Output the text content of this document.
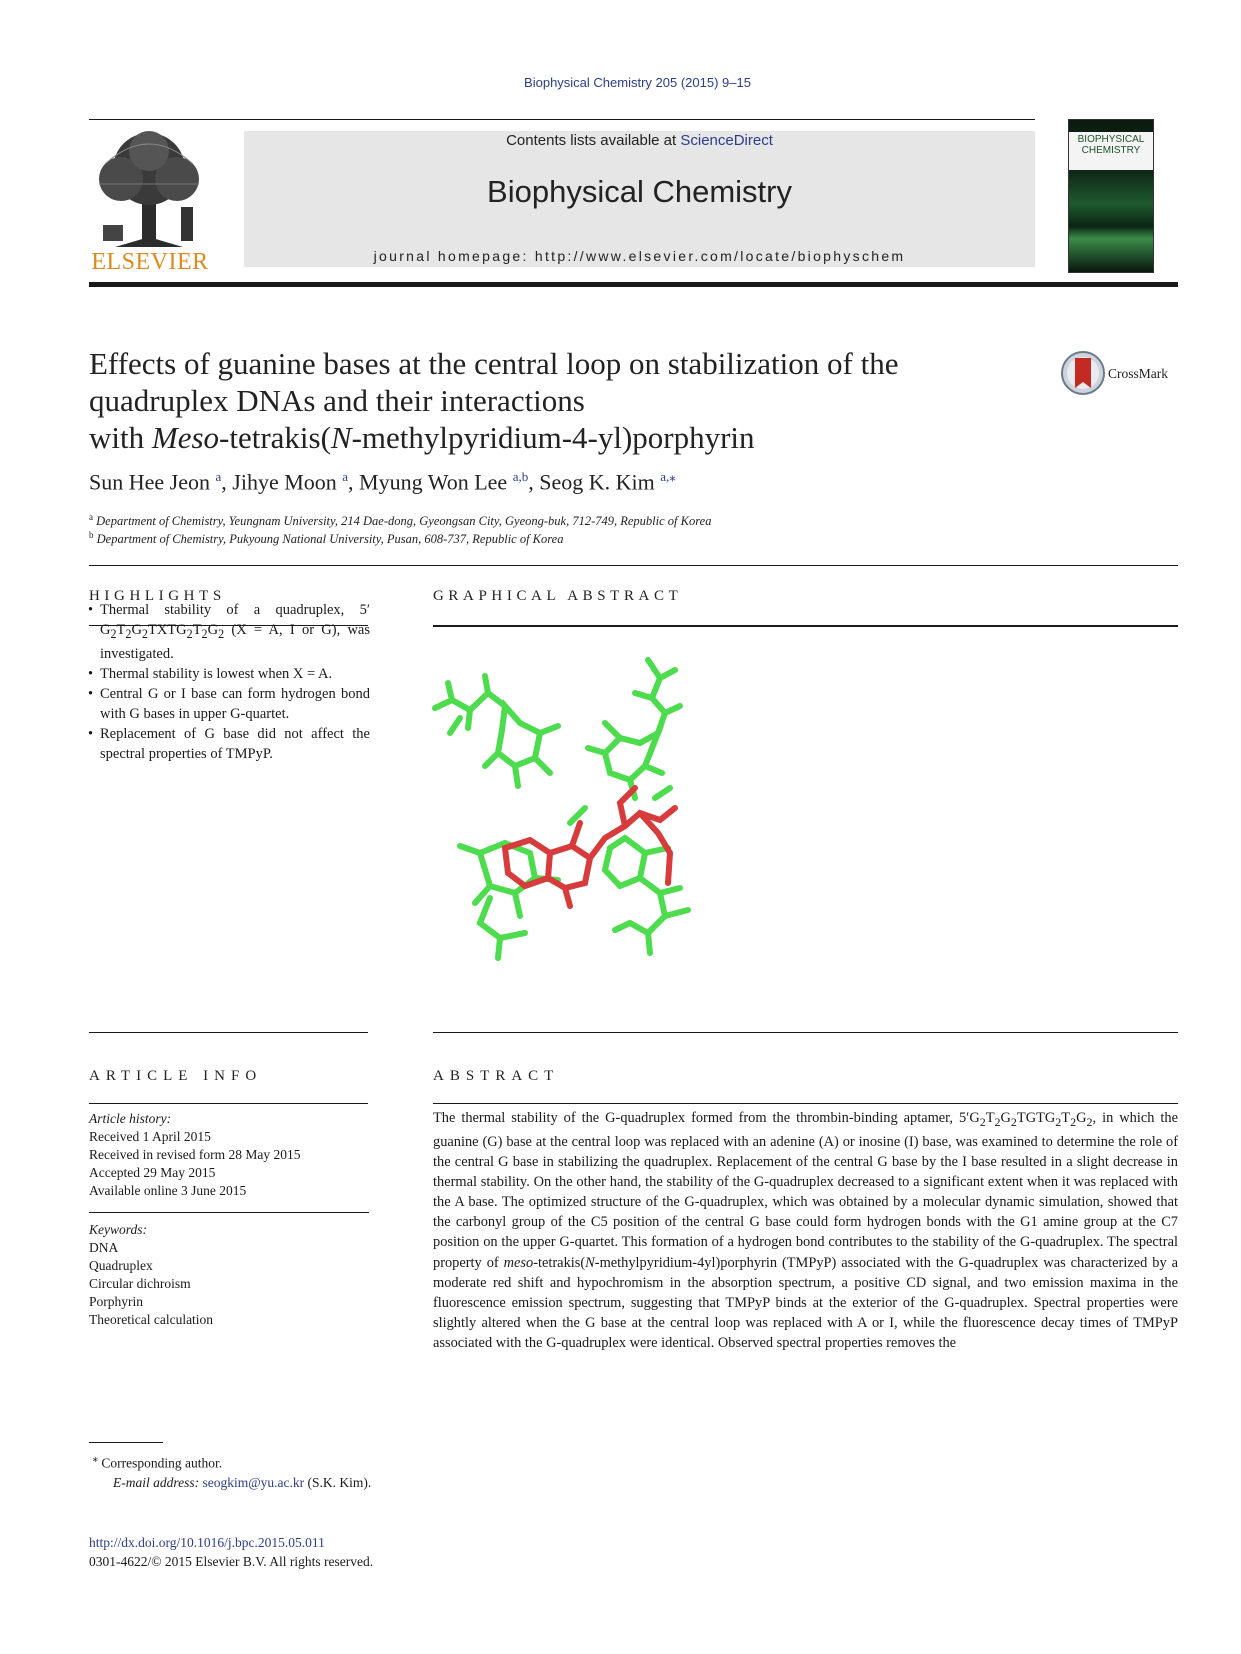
Biophysical Chemistry 205 (2015) 9–15
ELSEVIER
Contents lists available at ScienceDirect
Biophysical Chemistry
journal homepage: http://www.elsevier.com/locate/biophyschem
BIOPHYSICAL CHEMISTRY
Effects of guanine bases at the central loop on stabilization of the
quadruplex DNAs and their interactions
with Meso-tetrakis(N-methylpyridium-4-yl)porphyrin
CrossMark
Sun Hee Jeon $^a$, Jihye Moon $^a$, Myung Won Lee $^{a,b}$, Seog K. Kim $^{a,⁎}$
$^a$ Department of Chemistry, Yeungnam University, 214 Dae-dong, Gyeongsan City, Gyeong-buk, 712-749, Republic of Korea
$^b$ Department of Chemistry, Pukyoung National University, Pusan, 608-737, Republic of Korea
HIGHLIGHTS	GRAPHICAL ABSTRACT
• Thermal stability of a quadruplex, 5′ $G_2T_2G_2TXTG_2T_2G_2$ (X = A, I or G), was investigated.
• Thermal stability is lowest when X = A.
• Central G or I base can form hydrogen bond with G bases in upper G-quartet.
• Replacement of G base did not affect the spectral properties of TMPyP.
ARTICLE INFO	ABSTRACT
Article history:
Received 1 April 2015
Received in revised form 28 May 2015
Accepted 29 May 2015
Available online 3 June 2015
Keywords:
DNA
Quadruplex
Circular dichroism
Porphyrin
Theoretical calculation
The thermal stability of the G-quadruplex formed from the thrombin-binding aptamer, $5'G_2T_2G_2TGTG_2T_2G_2$, in which the guanine (G) base at the central loop was replaced with an adenine (A) or inosine (I) base, was examined to determine the role of the central G base in stabilizing the quadruplex. Replacement of the central G base by the I base resulted in a slight decrease in thermal stability. On the other hand, the stability of the G-quadruplex decreased to a significant extent when it was replaced with the A base. The optimized structure of the G-quadruplex, which was obtained by a molecular dynamic simulation, showed that the carbonyl group of the C5 position of the central G base could form hydrogen bonds with the G1 amine group at the C7 position on the upper G-quartet. This formation of a hydrogen bond contributes to the stability of the G-quadruplex. The spectral property of meso-tetrakis(N-methylpyridium-4yl)porphyrin (TMPyP) associated with the G-quadruplex was characterized by a moderate red shift and hypochromism in the absorption spectrum, a positive CD signal, and two emission maxima in the fluorescence emission spectrum, suggesting that TMPyP binds at the exterior of the G-quadruplex. Spectral properties were slightly altered when the G base at the central loop was replaced with A or I, while the fluorescence decay times of TMPyP associated with the G-quadruplex were identical. Observed spectral properties removes the
⁎ Corresponding author.
E-mail address: seogkim@yu.ac.kr (S.K. Kim).
http://dx.doi.org/10.1016/j.bpc.2015.05.011
0301-4622/© 2015 Elsevier B.V. All rights reserved.
